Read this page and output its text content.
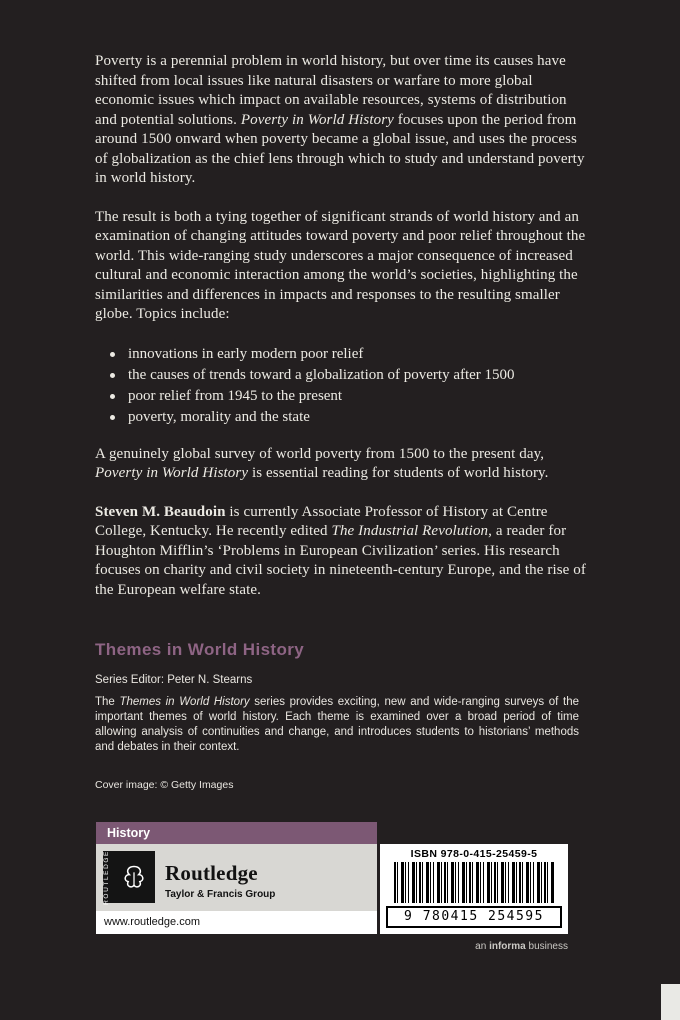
Poverty is a perennial problem in world history, but over time its causes have shifted from local issues like natural disasters or warfare to more global economic issues which impact on available resources, systems of distribution and potential solutions. Poverty in World History focuses upon the period from around 1500 onward when poverty became a global issue, and uses the process of globalization as the chief lens through which to study and understand poverty in world history.

The result is both a tying together of significant strands of world history and an examination of changing attitudes toward poverty and poor relief throughout the world. This wide-ranging study underscores a major consequence of increased cultural and economic interaction among the world’s societies, highlighting the similarities and differences in impacts and responses to the resulting smaller globe. Topics include:

innovations in early modern poor relief
the causes of trends toward a globalization of poverty after 1500
poor relief from 1945 to the present
poverty, morality and the state

A genuinely global survey of world poverty from 1500 to the present day, Poverty in World History is essential reading for students of world history.

Steven M. Beaudoin is currently Associate Professor of History at Centre College, Kentucky. He recently edited The Industrial Revolution, a reader for Houghton Mifflin’s ‘Problems in European Civilization’ series. His research focuses on charity and civil society in nineteenth-century Europe, and the rise of the European welfare state.

Themes in World History
Series Editor: Peter N. Stearns

The Themes in World History series provides exciting, new and wide-ranging surveys of the important themes of world history. Each theme is examined over a broad period of time allowing analysis of continuities and change, and introduces students to historians’ methods and debates in their context.

Cover image: © Getty Images
History
ROUTLEDGE	Routledge
Taylor & Francis Group
www.routledge.com
ISBN 978-0-415-25459-5
9 780415 254595
an informa business
